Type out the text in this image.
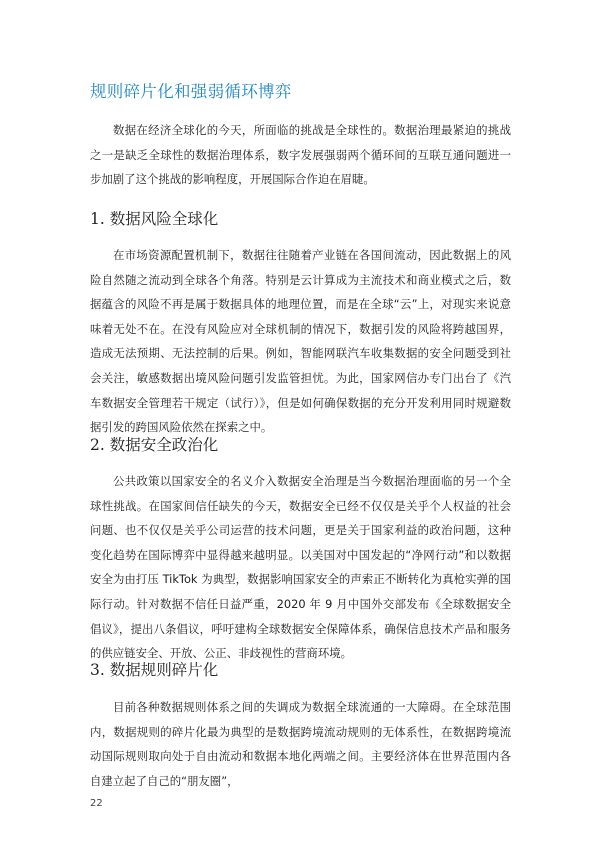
规则碎片化和强弱循环博弈
数据在经济全球化的今天，所面临的挑战是全球性的。数据治理最紧迫的挑战之一是缺乏全球性的数据治理体系，数字发展强弱两个循环间的互联互通问题进一步加剧了这个挑战的影响程度，开展国际合作迫在眉睫。
1. 数据风险全球化
在市场资源配置机制下，数据往往随着产业链在各国间流动，因此数据上的风险自然随之流动到全球各个角落。特别是云计算成为主流技术和商业模式之后，数据蕴含的风险不再是属于数据具体的地理位置，而是在全球“云”上，对现实来说意味着无处不在。在没有风险应对全球机制的情况下，数据引发的风险将跨越国界，造成无法预期、无法控制的后果。例如，智能网联汽车收集数据的安全问题受到社会关注，敏感数据出境风险问题引发监管担忧。为此，国家网信办专门出台了《汽车数据安全管理若干规定（试行）》，但是如何确保数据的充分开发利用同时规避数据引发的跨国风险依然在探索之中。
2. 数据安全政治化
公共政策以国家安全的名义介入数据安全治理是当今数据治理面临的另一个全球性挑战。在国家间信任缺失的今天，数据安全已经不仅仅是关乎个人权益的社会问题、也不仅仅是关乎公司运营的技术问题，更是关于国家利益的政治问题，这种变化趋势在国际博弈中显得越来越明显。以美国对中国发起的“净网行动”和以数据安全为由打压 TikTok 为典型，数据影响国家安全的声索正不断转化为真枪实弹的国际行动。针对数据不信任日益严重，2020 年 9 月中国外交部发布《全球数据安全倡议》，提出八条倡议，呼吁建构全球数据安全保障体系，确保信息技术产品和服务的供应链安全、开放、公正、非歧视性的营商环境。
3. 数据规则碎片化
目前各种数据规则体系之间的失调成为数据全球流通的一大障碍。在全球范围内，数据规则的碎片化最为典型的是数据跨境流动规则的无体系性，在数据跨境流动国际规则取向处于自由流动和数据本地化两端之间。主要经济体在世界范围内各自建立起了自己的“朋友圈”，
22
